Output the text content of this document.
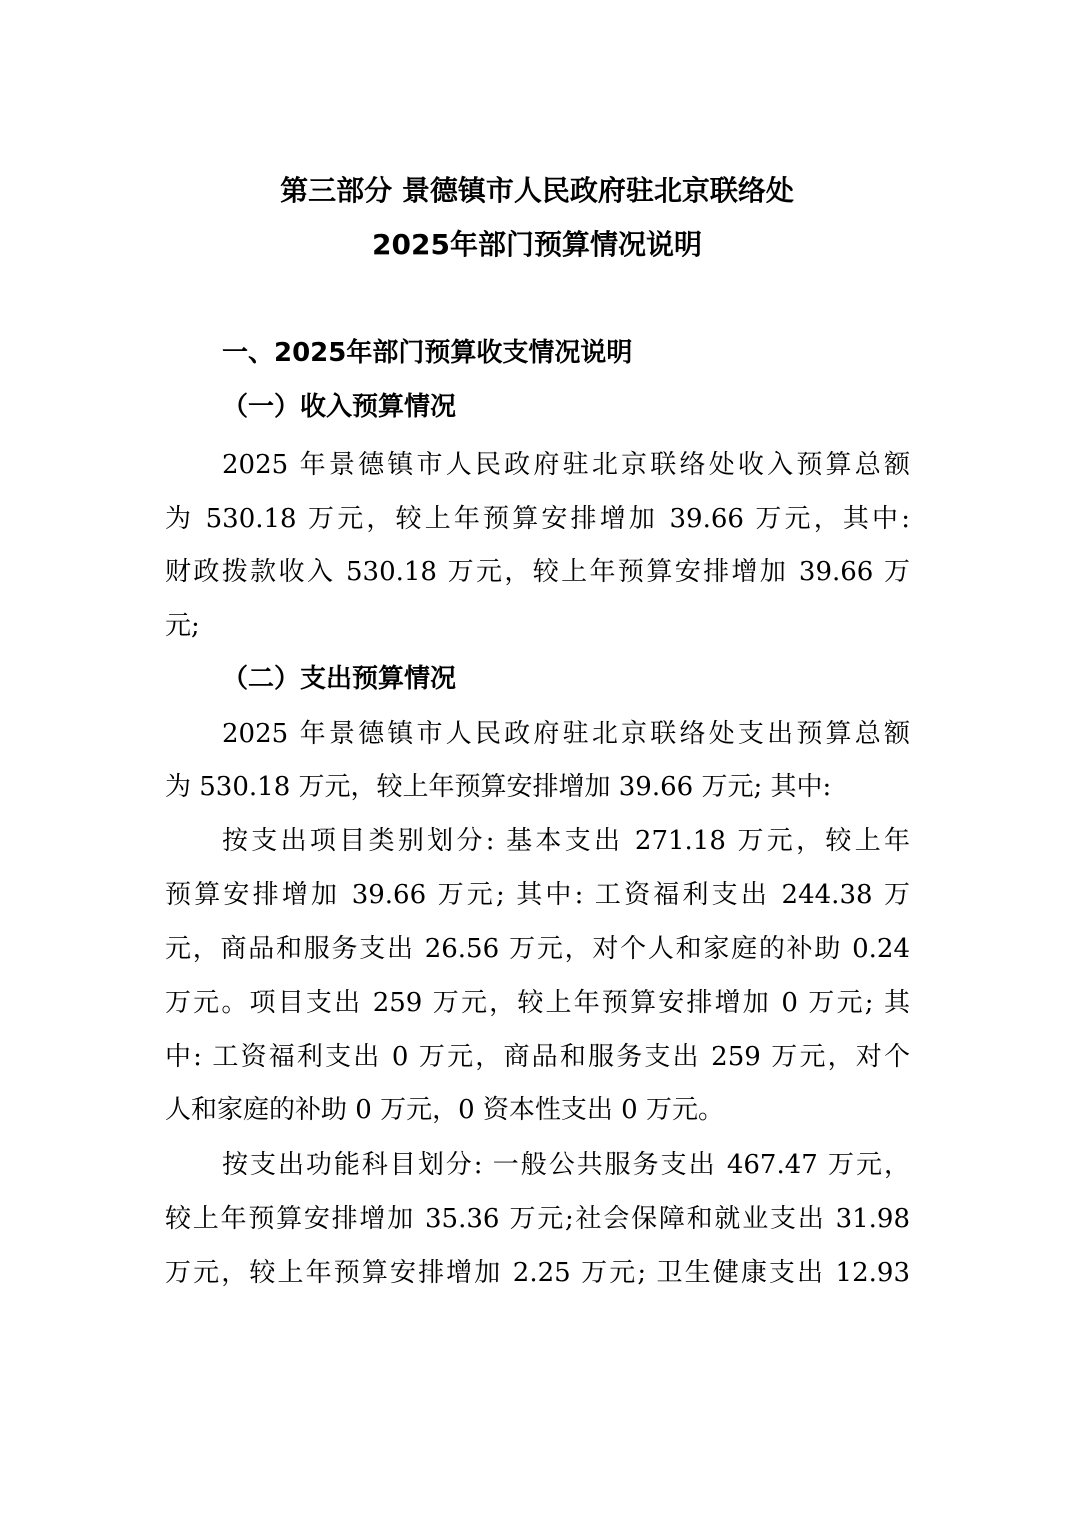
第三部分 景德镇市人民政府驻北京联络处
2025年部门预算情况说明
一、2025年部门预算收支情况说明
（一）收入预算情况
2025 年景德镇市人民政府驻北京联络处收入预算总额
为 530.18 万元，较上年预算安排增加 39.66 万元，其中:
财政拨款收入 530.18 万元，较上年预算安排增加 39.66 万
元;
（二）支出预算情况
2025 年景德镇市人民政府驻北京联络处支出预算总额
为 530.18 万元，较上年预算安排增加 39.66 万元; 其中:
按支出项目类别划分: 基本支出 271.18 万元，较上年
预算安排增加 39.66 万元; 其中: 工资福利支出 244.38 万
元，商品和服务支出 26.56 万元，对个人和家庭的补助 0.24
万元。项目支出 259 万元，较上年预算安排增加 0 万元; 其
中: 工资福利支出 0 万元，商品和服务支出 259 万元，对个
人和家庭的补助 0 万元，0 资本性支出 0 万元。
按支出功能科目划分: 一般公共服务支出 467.47 万元，
较上年预算安排增加 35.36 万元;社会保障和就业支出 31.98
万元，较上年预算安排增加 2.25 万元; 卫生健康支出 12.93
